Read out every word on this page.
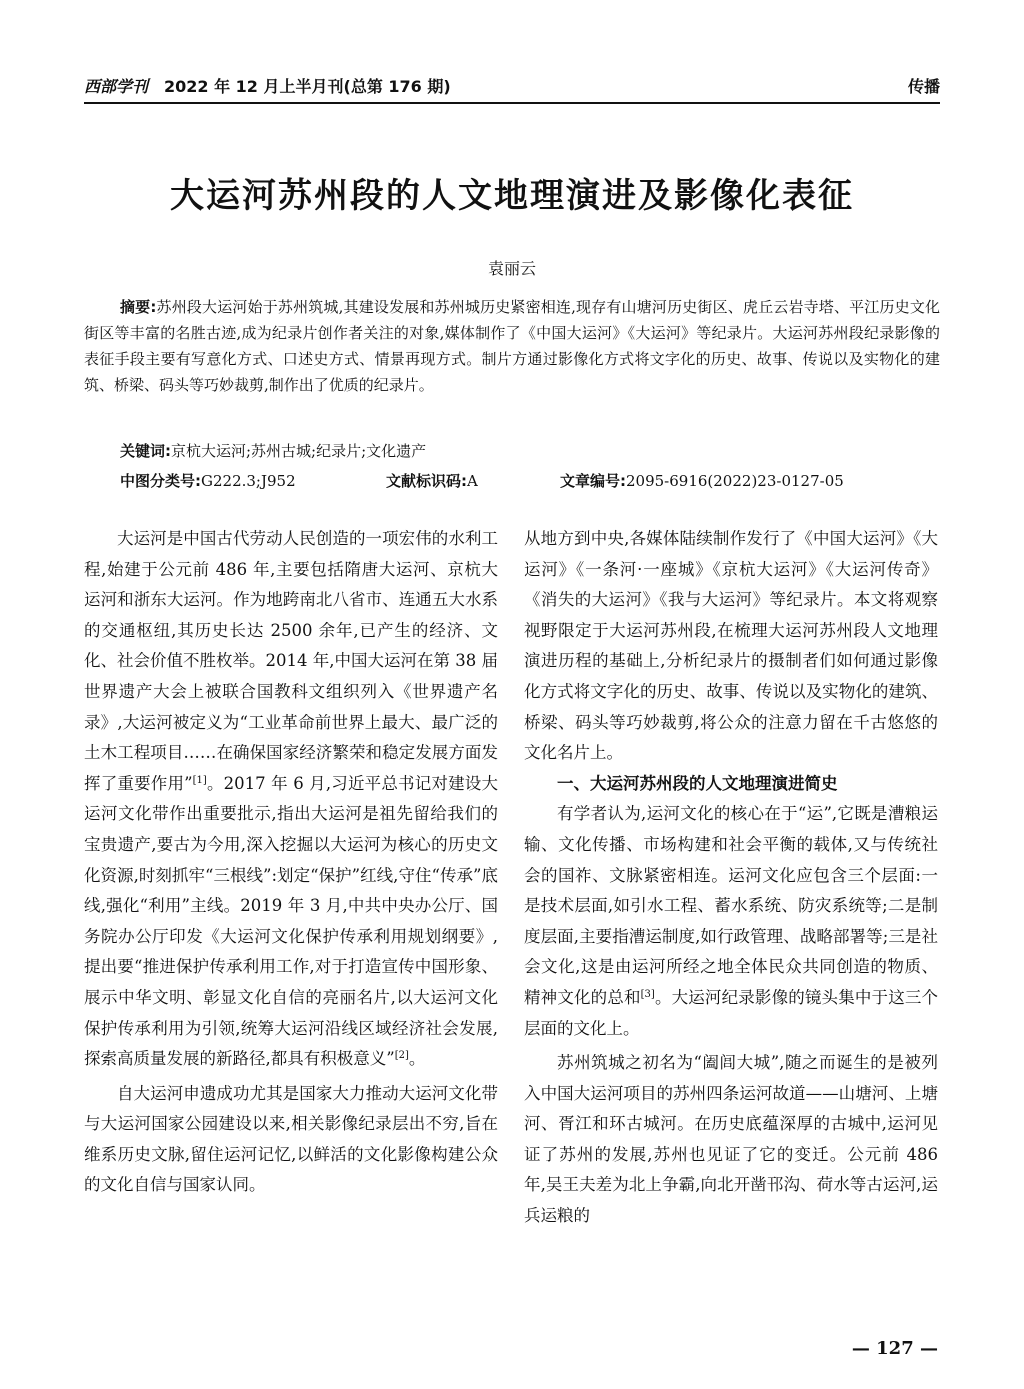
西部学刊 2022 年 12 月上半月刊(总第 176 期)	传播
大运河苏州段的人文地理演进及影像化表征
袁丽云
摘要:苏州段大运河始于苏州筑城,其建设发展和苏州城历史紧密相连,现存有山塘河历史街区、虎丘云岩寺塔、平江历史文化街区等丰富的名胜古迹,成为纪录片创作者关注的对象,媒体制作了《中国大运河》《大运河》等纪录片。大运河苏州段纪录影像的表征手段主要有写意化方式、口述史方式、情景再现方式。制片方通过影像化方式将文字化的历史、故事、传说以及实物化的建筑、桥梁、码头等巧妙裁剪,制作出了优质的纪录片。
关键词:京杭大运河;苏州古城;纪录片;文化遗产
中图分类号:G222.3;J952	文献标识码:A	文章编号:2095-6916(2022)23-0127-05

大运河是中国古代劳动人民创造的一项宏伟的水利工程,始建于公元前 486 年,主要包括隋唐大运河、京杭大运河和浙东大运河。作为地跨南北八省市、连通五大水系的交通枢纽,其历史长达 2500 余年,已产生的经济、文化、社会价值不胜枚举。2014 年,中国大运河在第 38 届世界遗产大会上被联合国教科文组织列入《世界遗产名录》,大运河被定义为“工业革命前世界上最大、最广泛的土木工程项目……在确保国家经济繁荣和稳定发展方面发挥了重要作用”[1]。2017 年 6 月,习近平总书记对建设大运河文化带作出重要批示,指出大运河是祖先留给我们的宝贵遗产,要古为今用,深入挖掘以大运河为核心的历史文化资源,时刻抓牢“三根线”:划定“保护”红线,守住“传承”底线,强化“利用”主线。2019 年 3 月,中共中央办公厅、国务院办公厅印发《大运河文化保护传承利用规划纲要》,提出要“推进保护传承利用工作,对于打造宣传中国形象、展示中华文明、彰显文化自信的亮丽名片,以大运河文化保护传承利用为引领,统筹大运河沿线区域经济社会发展,探索高质量发展的新路径,都具有积极意义”[2]。

自大运河申遗成功尤其是国家大力推动大运河文化带与大运河国家公园建设以来,相关影像纪录层出不穷,旨在维系历史文脉,留住运河记忆,以鲜活的文化影像构建公众的文化自信与国家认同。

从地方到中央,各媒体陆续制作发行了《中国大运河》《大运河》《一条河·一座城》《京杭大运河》《大运河传奇》《消失的大运河》《我与大运河》等纪录片。本文将观察视野限定于大运河苏州段,在梳理大运河苏州段人文地理演进历程的基础上,分析纪录片的摄制者们如何通过影像化方式将文字化的历史、故事、传说以及实物化的建筑、桥梁、码头等巧妙裁剪,将公众的注意力留在千古悠悠的文化名片上。

一、大运河苏州段的人文地理演进简史

有学者认为,运河文化的核心在于“运”,它既是漕粮运输、文化传播、市场构建和社会平衡的载体,又与传统社会的国祚、文脉紧密相连。运河文化应包含三个层面:一是技术层面,如引水工程、蓄水系统、防灾系统等;二是制度层面,主要指漕运制度,如行政管理、战略部署等;三是社会文化,这是由运河所经之地全体民众共同创造的物质、精神文化的总和[3]。大运河纪录影像的镜头集中于这三个层面的文化上。

苏州筑城之初名为“阖闾大城”,随之而诞生的是被列入中国大运河项目的苏州四条运河故道——山塘河、上塘河、胥江和环古城河。在历史底蕴深厚的古城中,运河见证了苏州的发展,苏州也见证了它的变迁。公元前 486 年,吴王夫差为北上争霸,向北开凿邗沟、荷水等古运河,运兵运粮的

— 127 —
